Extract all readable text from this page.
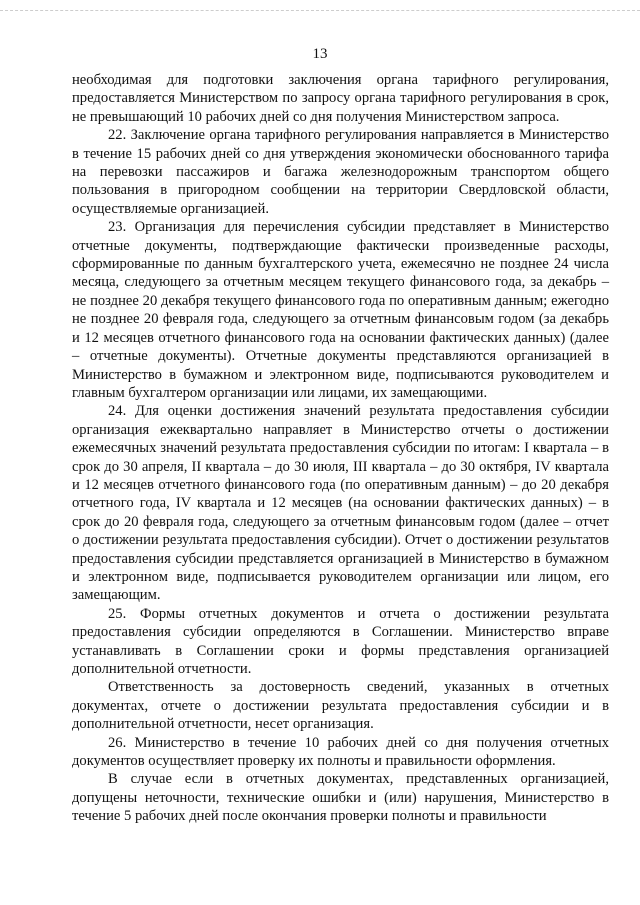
13

необходимая для подготовки заключения органа тарифного регулирования, предоставляется Министерством по запросу органа тарифного регулирования в срок, не превышающий 10 рабочих дней со дня получения Министерством запроса.

22. Заключение органа тарифного регулирования направляется в Министерство в течение 15 рабочих дней со дня утверждения экономически обоснованного тарифа на перевозки пассажиров и багажа железнодорожным транспортом общего пользования в пригородном сообщении на территории Свердловской области, осуществляемые организацией.

23. Организация для перечисления субсидии представляет в Министерство отчетные документы, подтверждающие фактически произведенные расходы, сформированные по данным бухгалтерского учета, ежемесячно не позднее 24 числа месяца, следующего за отчетным месяцем текущего финансового года, за декабрь – не позднее 20 декабря текущего финансового года по оперативным данным; ежегодно не позднее 20 февраля года, следующего за отчетным финансовым годом (за декабрь и 12 месяцев отчетного финансового года на основании фактических данных) (далее – отчетные документы). Отчетные документы представляются организацией в Министерство в бумажном и электронном виде, подписываются руководителем и главным бухгалтером организации или лицами, их замещающими.

24. Для оценки достижения значений результата предоставления субсидии организация ежеквартально направляет в Министерство отчеты о достижении ежемесячных значений результата предоставления субсидии по итогам: I квартала – в срок до 30 апреля, II квартала – до 30 июля, III квартала – до 30 октября, IV квартала и 12 месяцев отчетного финансового года (по оперативным данным) – до 20 декабря отчетного года, IV квартала и 12 месяцев (на основании фактических данных) – в срок до 20 февраля года, следующего за отчетным финансовым годом (далее – отчет о достижении результата предоставления субсидии). Отчет о достижении результатов предоставления субсидии представляется организацией в Министерство в бумажном и электронном виде, подписывается руководителем организации или лицом, его замещающим.

25. Формы отчетных документов и отчета о достижении результата предоставления субсидии определяются в Соглашении. Министерство вправе устанавливать в Соглашении сроки и формы представления организацией дополнительной отчетности.

Ответственность за достоверность сведений, указанных в отчетных документах, отчете о достижении результата предоставления субсидии и в дополнительной отчетности, несет организация.

26. Министерство в течение 10 рабочих дней со дня получения отчетных документов осуществляет проверку их полноты и правильности оформления.

В случае если в отчетных документах, представленных организацией, допущены неточности, технические ошибки и (или) нарушения, Министерство в течение 5 рабочих дней после окончания проверки полноты и правильности
